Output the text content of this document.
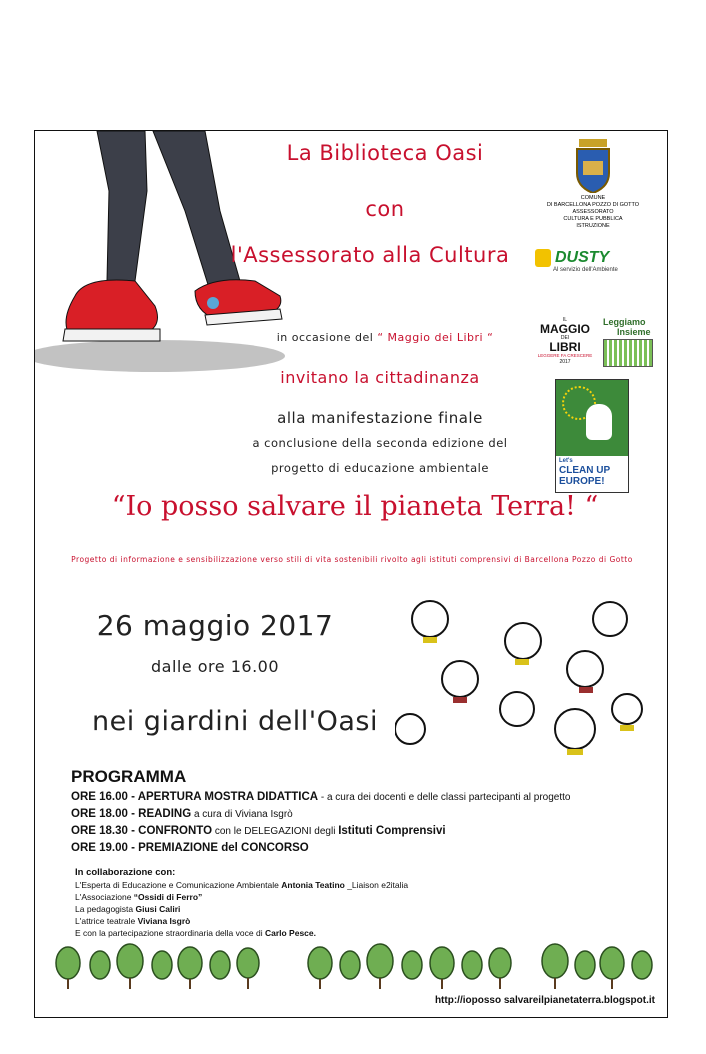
La Biblioteca Oasi
con
l'Assessorato alla Cultura
COMUNE
DI BARCELLONA POZZO DI GOTTO
ASSESSORATO
CULTURA E PUBBLICA
ISTRUZIONE
DUSTY
Al servizio dell'Ambiente
IL
MAGGIO
DEI
LIBRI
LEGGERE FA CRESCERE
2017
Leggiamo
Insieme
Let's
CLEAN UP
EUROPE!
in occasione del “ Maggio dei Libri “
invitano la cittadinanza
alla manifestazione finale
a conclusione della seconda edizione del
progetto di educazione ambientale
“Io posso salvare il pianeta Terra! “
Progetto di informazione e sensibilizzazione verso stili di vita sostenibili rivolto agli istituti comprensivi di Barcellona Pozzo di Gotto
26 maggio 2017
dalle ore 16.00
nei giardini dell'Oasi
PROGRAMMA
ORE 16.00 - APERTURA MOSTRA DIDATTICA - a cura dei docenti e delle classi partecipanti al progetto
ORE 18.00 - READING a cura di Viviana Isgrò
ORE 18.30 - CONFRONTO con le DELEGAZIONI degli Istituti Comprensivi
ORE 19.00 - PREMIAZIONE del CONCORSO
In collaborazione con:
L'Esperta di Educazione e Comunicazione Ambientale Antonia Teatino _Liaison e2italia
L'Associazione “Ossidi di Ferro”
La pedagogista Giusi Caliri
L'attrice teatrale Viviana Isgrò
E con la partecipazione straordinaria della voce di Carlo Pesce.
http://ioposso salvareilpianetaterra.blogspot.it
